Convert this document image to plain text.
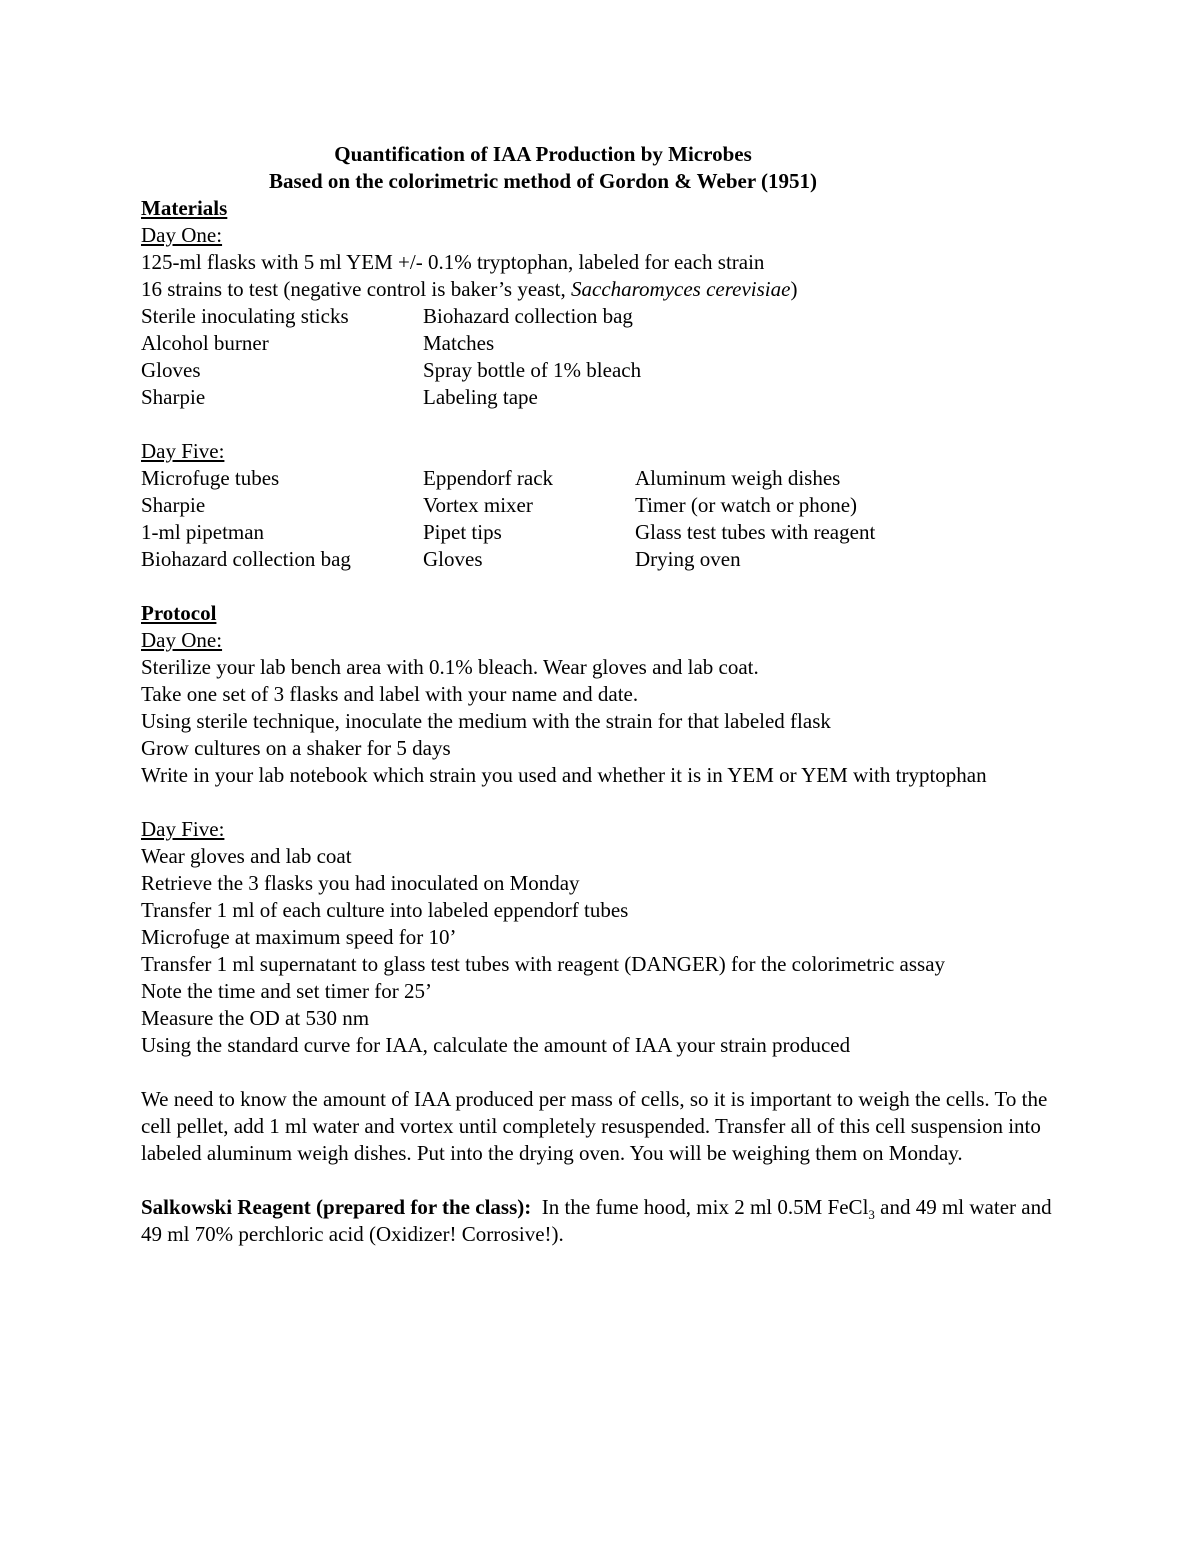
Quantification of IAA Production by Microbes
Based on the colorimetric method of Gordon & Weber (1951)
Materials
Day One:
125-ml flasks with 5 ml YEM +/- 0.1% tryptophan, labeled for each strain
16 strains to test (negative control is baker’s yeast, Saccharomyces cerevisiae)
Sterile inoculating sticks	Biohazard collection bag
Alcohol burner	Matches
Gloves	Spray bottle of 1% bleach
Sharpie	Labeling tape
Day Five:
Microfuge tubes	Eppendorf rack	Aluminum weigh dishes
Sharpie	Vortex mixer	Timer (or watch or phone)
1-ml pipetman	Pipet tips	Glass test tubes with reagent
Biohazard collection bag	Gloves	Drying oven
Protocol
Day One:
Sterilize your lab bench area with 0.1% bleach. Wear gloves and lab coat.
Take one set of 3 flasks and label with your name and date.
Using sterile technique, inoculate the medium with the strain for that labeled flask
Grow cultures on a shaker for 5 days
Write in your lab notebook which strain you used and whether it is in YEM or YEM with tryptophan
Day Five:
Wear gloves and lab coat
Retrieve the 3 flasks you had inoculated on Monday
Transfer 1 ml of each culture into labeled eppendorf tubes
Microfuge at maximum speed for 10’
Transfer 1 ml supernatant to glass test tubes with reagent (DANGER) for the colorimetric assay
Note the time and set timer for 25’
Measure the OD at 530 nm
Using the standard curve for IAA, calculate the amount of IAA your strain produced
We need to know the amount of IAA produced per mass of cells, so it is important to weigh the cells. To the cell pellet, add 1 ml water and vortex until completely resuspended. Transfer all of this cell suspension into labeled aluminum weigh dishes. Put into the drying oven. You will be weighing them on Monday.
Salkowski Reagent (prepared for the class):  In the fume hood, mix 2 ml 0.5M FeCl$_3$ and 49 ml water and 49 ml 70% perchloric acid (Oxidizer! Corrosive!).
